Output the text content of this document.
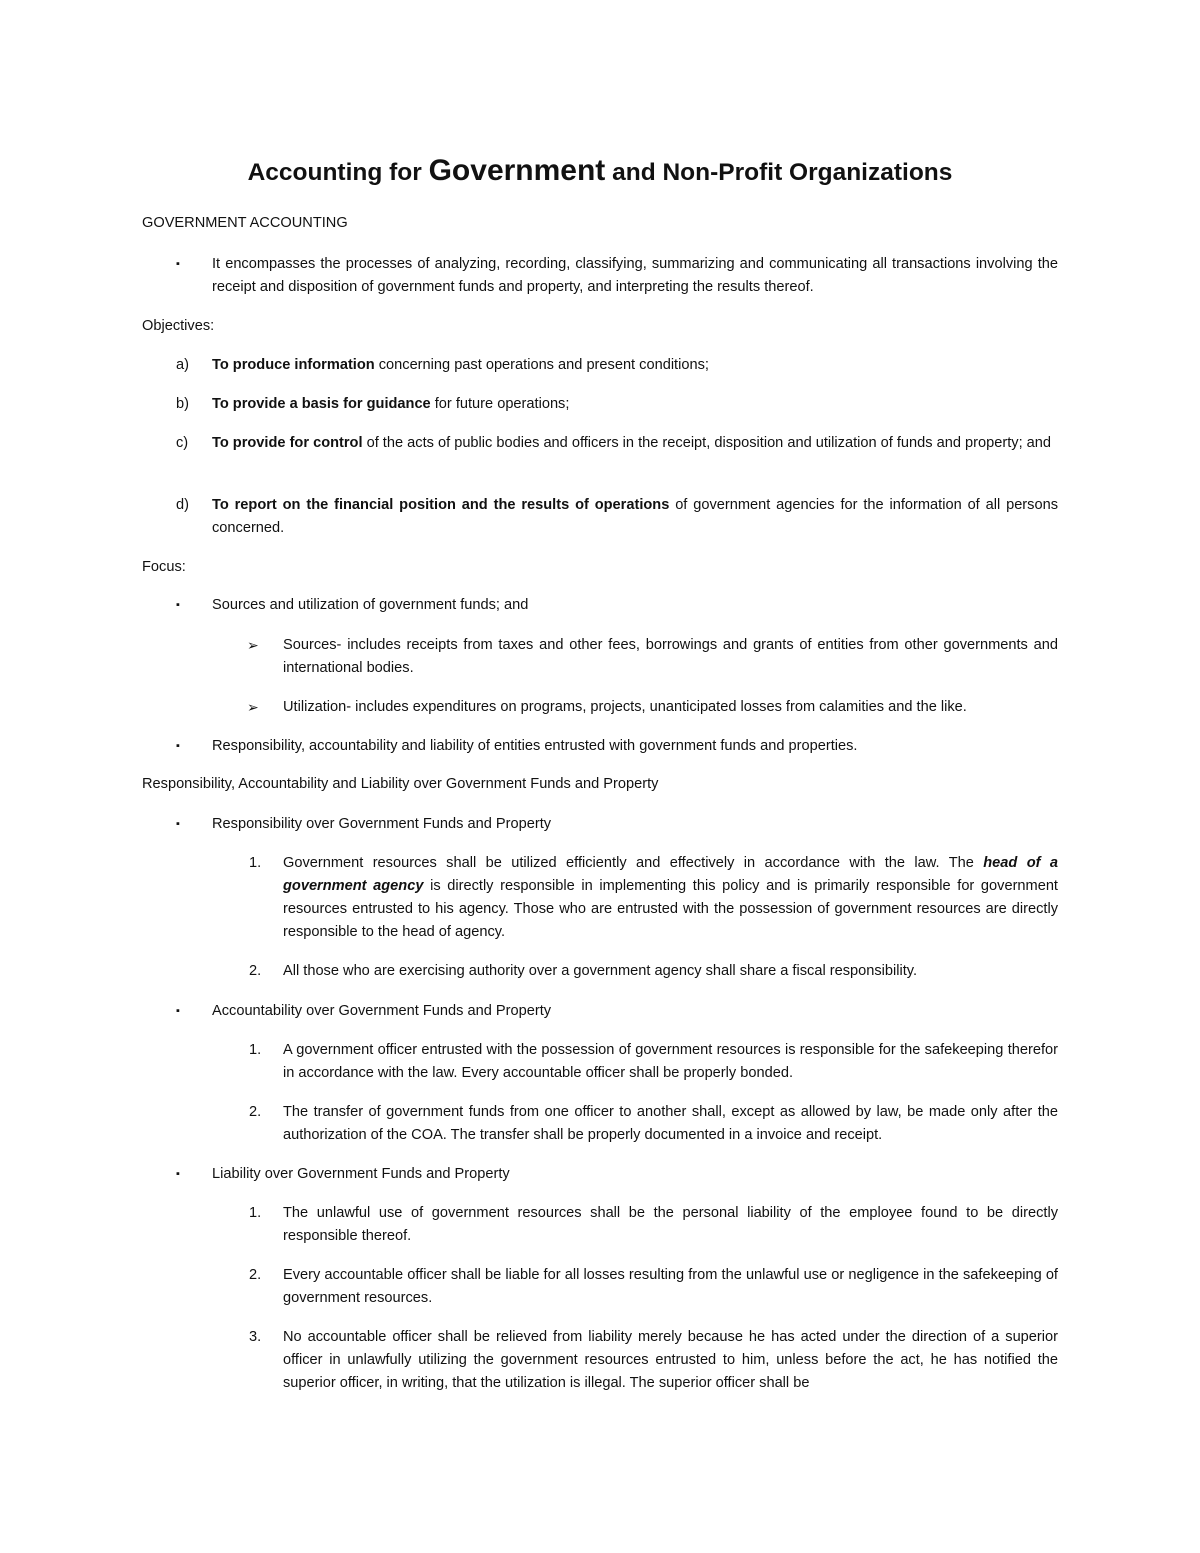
Accounting for Government and Non-Profit Organizations
GOVERNMENT ACCOUNTING
▪ It encompasses the processes of analyzing, recording, classifying, summarizing and communicating all transactions involving the receipt and disposition of government funds and property, and interpreting the results thereof.
Objectives:
a) To produce information concerning past operations and present conditions;
b) To provide a basis for guidance for future operations;
c) To provide for control of the acts of public bodies and officers in the receipt, disposition and utilization of funds and property; and
d) To report on the financial position and the results of operations of government agencies for the information of all persons concerned.
Focus:
▪ Sources and utilization of government funds; and
➢ Sources- includes receipts from taxes and other fees, borrowings and grants of entities from other governments and international bodies.
➢ Utilization- includes expenditures on programs, projects, unanticipated losses from calamities and the like.
▪ Responsibility, accountability and liability of entities entrusted with government funds and properties.
Responsibility, Accountability and Liability over Government Funds and Property
▪ Responsibility over Government Funds and Property
1. Government resources shall be utilized efficiently and effectively in accordance with the law. The head of a government agency is directly responsible in implementing this policy and is primarily responsible for government resources entrusted to his agency. Those who are entrusted with the possession of government resources are directly responsible to the head of agency.
2. All those who are exercising authority over a government agency shall share a fiscal responsibility.
▪ Accountability over Government Funds and Property
1. A government officer entrusted with the possession of government resources is responsible for the safekeeping therefor in accordance with the law. Every accountable officer shall be properly bonded.
2. The transfer of government funds from one officer to another shall, except as allowed by law, be made only after the authorization of the COA. The transfer shall be properly documented in a invoice and receipt.
▪ Liability over Government Funds and Property
1. The unlawful use of government resources shall be the personal liability of the employee found to be directly responsible thereof.
2. Every accountable officer shall be liable for all losses resulting from the unlawful use or negligence in the safekeeping of government resources.
3. No accountable officer shall be relieved from liability merely because he has acted under the direction of a superior officer in unlawfully utilizing the government resources entrusted to him, unless before the act, he has notified the superior officer, in writing, that the utilization is illegal. The superior officer shall be
